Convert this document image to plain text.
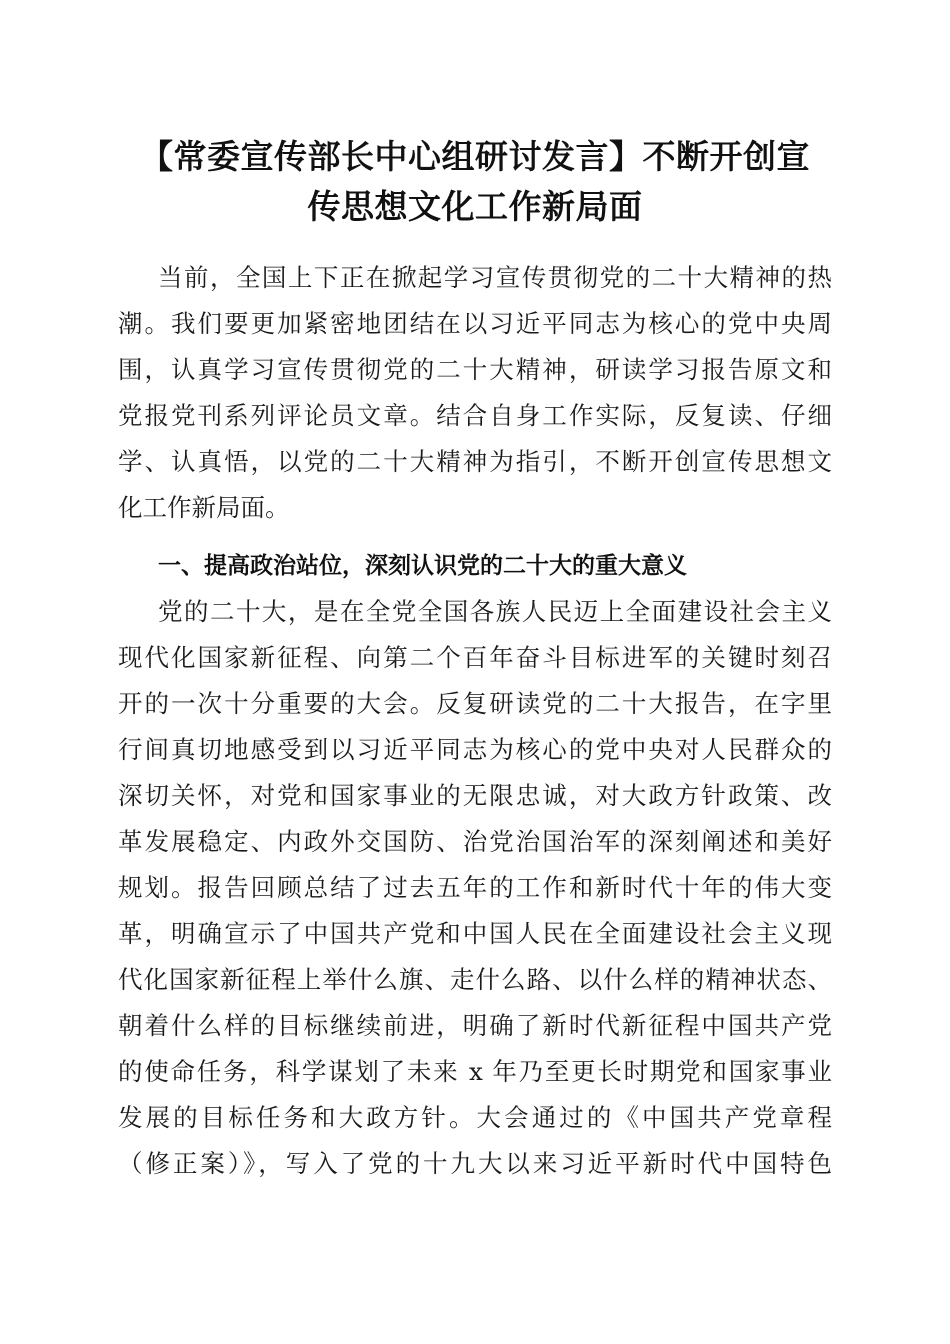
【常委宣传部长中心组研讨发言】不断开创宣
传思想文化工作新局面
当前，全国上下正在掀起学习宣传贯彻党的二十大精神的热
潮。我们要更加紧密地团结在以习近平同志为核心的党中央周
围，认真学习宣传贯彻党的二十大精神，研读学习报告原文和
党报党刊系列评论员文章。结合自身工作实际，反复读、仔细
学、认真悟，以党的二十大精神为指引，不断开创宣传思想文
化工作新局面。
一、提高政治站位，深刻认识党的二十大的重大意义
党的二十大，是在全党全国各族人民迈上全面建设社会主义
现代化国家新征程、向第二个百年奋斗目标进军的关键时刻召
开的一次十分重要的大会。反复研读党的二十大报告，在字里
行间真切地感受到以习近平同志为核心的党中央对人民群众的
深切关怀，对党和国家事业的无限忠诚，对大政方针政策、改
革发展稳定、内政外交国防、治党治国治军的深刻阐述和美好
规划。报告回顾总结了过去五年的工作和新时代十年的伟大变
革，明确宣示了中国共产党和中国人民在全面建设社会主义现
代化国家新征程上举什么旗、走什么路、以什么样的精神状态、
朝着什么样的目标继续前进，明确了新时代新征程中国共产党
的使命任务，科学谋划了未来 x 年乃至更长时期党和国家事业
发展的目标任务和大政方针。大会通过的《中国共产党章程
（修正案）》，写入了党的十九大以来习近平新时代中国特色
